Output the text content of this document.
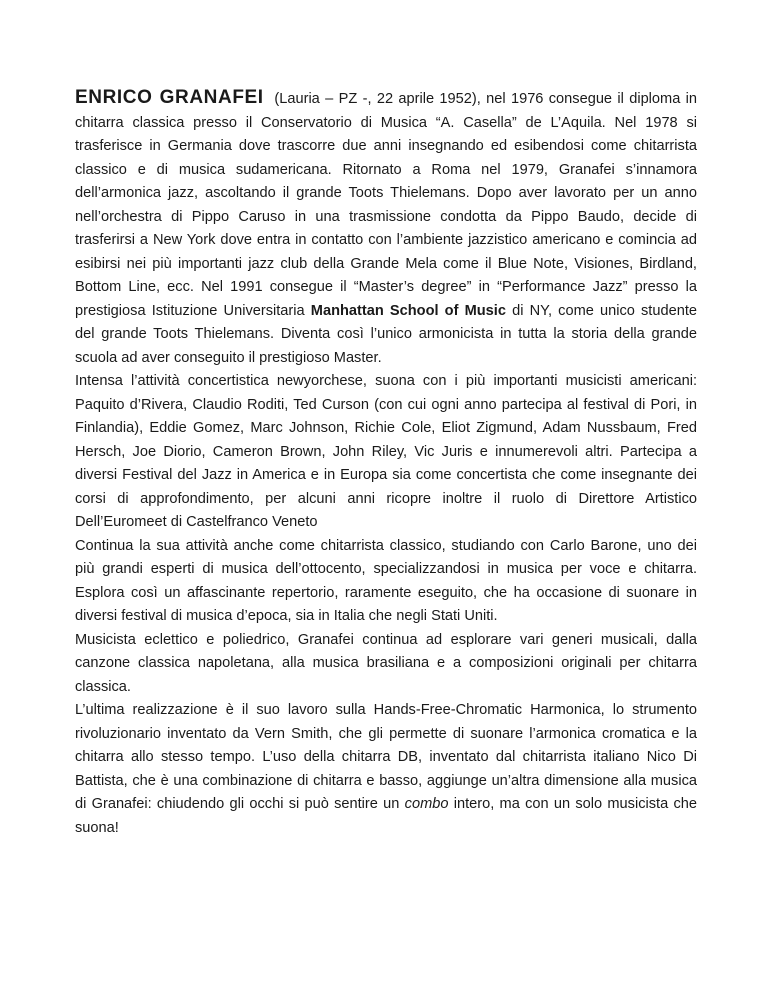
ENRICO GRANAFEI (Lauria – PZ -, 22 aprile 1952), nel 1976 consegue il diploma in chitarra classica presso il Conservatorio di Musica “A. Casella” de L’Aquila. Nel 1978 si trasferisce in Germania dove trascorre due anni insegnando ed esibendosi come chitarrista classico e di musica sudamericana. Ritornato a Roma nel 1979, Granafei s’innamora dell’armonica jazz, ascoltando il grande Toots Thielemans. Dopo aver lavorato per un anno nell’orchestra di Pippo Caruso in una trasmissione condotta da Pippo Baudo, decide di trasferirsi a New York dove entra in contatto con l’ambiente jazzistico americano e comincia ad esibirsi nei più importanti jazz club della Grande Mela come il Blue Note, Visiones, Birdland, Bottom Line, ecc. Nel 1991 consegue il “Master’s degree” in “Performance Jazz” presso la prestigiosa Istituzione Universitaria Manhattan School of Music di NY, come unico studente del grande Toots Thielemans. Diventa così l’unico armonicista in tutta la storia della grande scuola ad aver conseguito il prestigioso Master.

Intensa l’attività concertistica newyorchese, suona con i più importanti musicisti americani: Paquito d’Rivera, Claudio Roditi, Ted Curson (con cui ogni anno partecipa al festival di Pori, in Finlandia), Eddie Gomez, Marc Johnson, Richie Cole, Eliot Zigmund, Adam Nussbaum, Fred Hersch, Joe Diorio, Cameron Brown, John Riley, Vic Juris e innumerevoli altri. Partecipa a diversi Festival del Jazz in America e in Europa sia come concertista che come insegnante dei corsi di approfondimento, per alcuni anni ricopre inoltre il ruolo di Direttore Artistico Dell’Euromeet di Castelfranco Veneto

Continua la sua attività anche come chitarrista classico, studiando con Carlo Barone, uno dei più grandi esperti di musica dell’ottocento, specializzandosi in musica per voce e chitarra. Esplora così un affascinante repertorio, raramente eseguito, che ha occasione di suonare in diversi festival di musica d’epoca, sia in Italia che negli Stati Uniti.

Musicista eclettico e poliedrico, Granafei continua ad esplorare vari generi musicali, dalla canzone classica napoletana, alla musica brasiliana e a composizioni originali per chitarra classica.

L’ultima realizzazione è il suo lavoro sulla Hands-Free-Chromatic Harmonica, lo strumento rivoluzionario inventato da Vern Smith, che gli permette di suonare l’armonica cromatica e la chitarra allo stesso tempo. L’uso della chitarra DB, inventato dal chitarrista italiano Nico Di Battista, che è una combinazione di chitarra e basso, aggiunge un’altra dimensione alla musica di Granafei: chiudendo gli occhi si può sentire un combo intero, ma con un solo musicista che suona!
